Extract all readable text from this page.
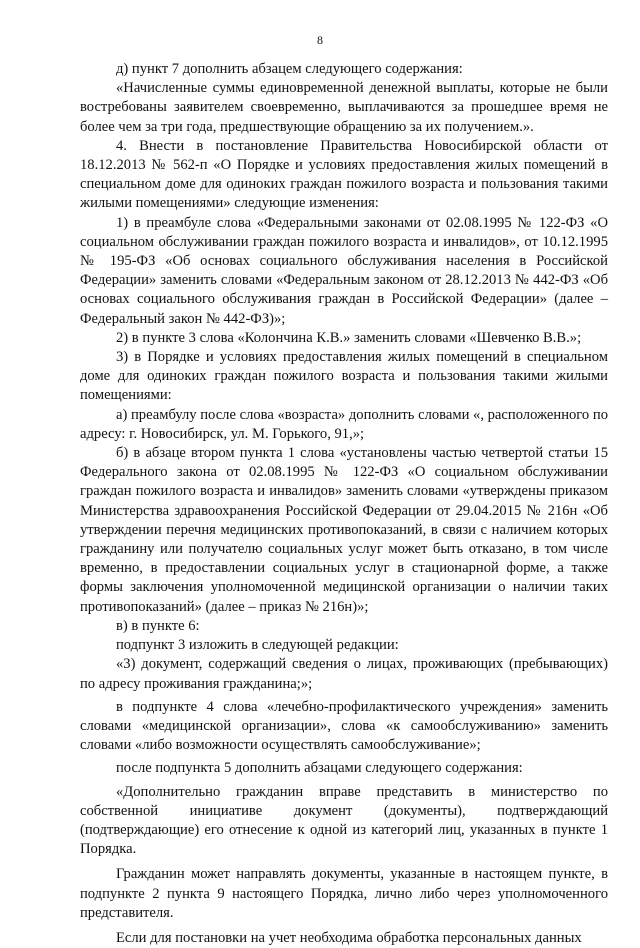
8

д) пункт 7 дополнить абзацем следующего содержания:

«Начисленные суммы единовременной денежной выплаты, которые не были востребованы заявителем своевременно, выплачиваются за прошедшее время не более чем за три года, предшествующие обращению за их получением.».

4. Внести в постановление Правительства Новосибирской области от 18.12.2013 № 562-п «О Порядке и условиях предоставления жилых помещений в специальном доме для одиноких граждан пожилого возраста и пользования такими жилыми помещениями» следующие изменения:

1) в преамбуле слова «Федеральными законами от 02.08.1995 № 122-ФЗ «О социальном обслуживании граждан пожилого возраста и инвалидов», от 10.12.1995 № 195-ФЗ «Об основах социального обслуживания населения в Российской Федерации» заменить словами «Федеральным законом от 28.12.2013 № 442-ФЗ «Об основах социального обслуживания граждан в Российской Федерации» (далее – Федеральный закон № 442-ФЗ)»;

2) в пункте 3 слова «Колончина К.В.» заменить словами «Шевченко В.В.»;

3) в Порядке и условиях предоставления жилых помещений в специальном доме для одиноких граждан пожилого возраста и пользования такими жилыми помещениями:

а) преамбулу после слова «возраста» дополнить словами «, расположенного по адресу: г. Новосибирск, ул. М. Горького, 91,»;

б) в абзаце втором пункта 1 слова «установлены частью четвертой статьи 15 Федерального закона от 02.08.1995 № 122-ФЗ «О социальном обслуживании граждан пожилого возраста и инвалидов» заменить словами «утверждены приказом Министерства здравоохранения Российской Федерации от 29.04.2015 № 216н «Об утверждении перечня медицинских противопоказаний, в связи с наличием которых гражданину или получателю социальных услуг может быть отказано, в том числе временно, в предоставлении социальных услуг в стационарной форме, а также формы заключения уполномоченной медицинской организации о наличии таких противопоказаний» (далее – приказ № 216н)»;

в) в пункте 6:

подпункт 3 изложить в следующей редакции:

«3) документ, содержащий сведения о лицах, проживающих (пребывающих) по адресу проживания гражданина;»;

в подпункте 4 слова «лечебно-профилактического учреждения» заменить словами «медицинской организации», слова «к самообслуживанию» заменить словами «либо возможности осуществлять самообслуживание»;

после подпункта 5 дополнить абзацами следующего содержания:

«Дополнительно гражданин вправе представить в министерство по собственной инициативе документ (документы), подтверждающий (подтверждающие) его отнесение к одной из категорий лиц, указанных в пункте 1 Порядка.

Гражданин может направлять документы, указанные в настоящем пункте, в подпункте 2 пункта 9 настоящего Порядка, лично либо через уполномоченного представителя.

Если для постановки на учет необходима обработка персональных данных
